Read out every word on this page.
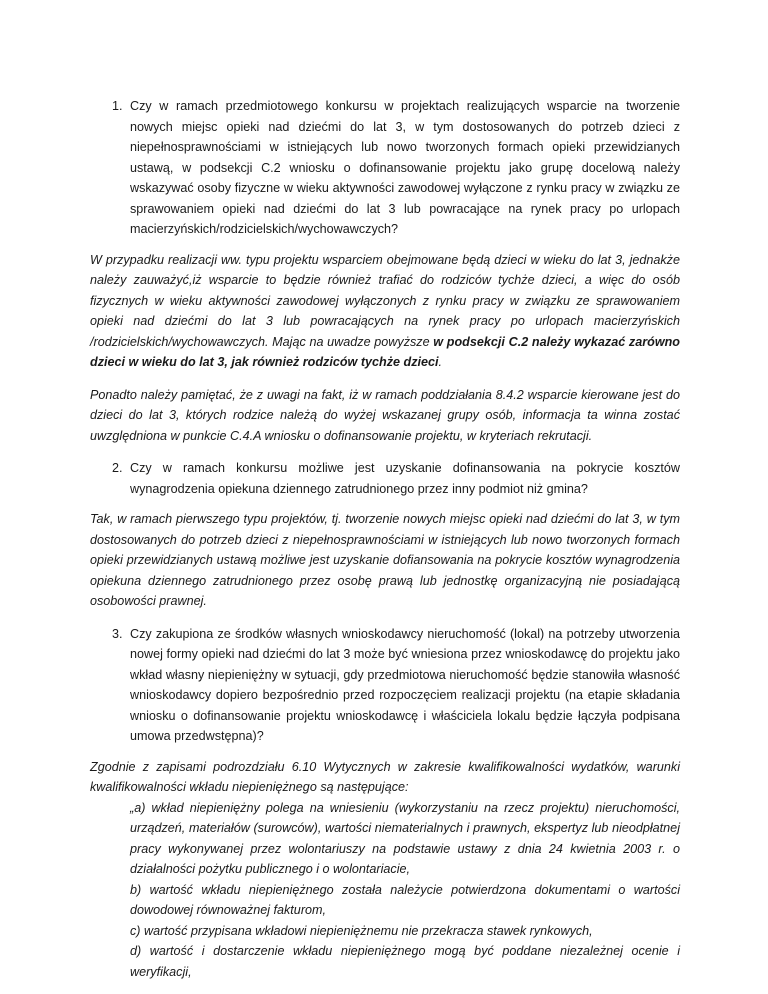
1. Czy w ramach przedmiotowego konkursu w projektach realizujących wsparcie na tworzenie nowych miejsc opieki nad dziećmi do lat 3, w tym dostosowanych do potrzeb dzieci z niepełnosprawnościami w istniejących lub nowo tworzonych formach opieki przewidzianych ustawą, w podsekcji C.2 wniosku o dofinansowanie projektu jako grupę docelową należy wskazywać osoby fizyczne w wieku aktywności zawodowej wyłączone z rynku pracy w związku ze sprawowaniem opieki nad dziećmi do lat 3 lub powracające na rynek pracy po urlopach macierzyńskich/rodzicielskich/wychowawczych?

W przypadku realizacji ww. typu projektu wsparciem obejmowane będą dzieci w wieku do lat 3, jednakże należy zauważyć,iż wsparcie to będzie również trafiać do rodziców tychże dzieci, a więc do osób fizycznych w wieku aktywności zawodowej wyłączonych z rynku pracy w związku ze sprawowaniem opieki nad dziećmi do lat 3 lub powracających na rynek pracy po urlopach macierzyńskich /rodzicielskich/wychowawczych. Mając na uwadze powyższe w podsekcji C.2 należy wykazać zarówno dzieci w wieku do lat 3, jak również rodziców tychże dzieci.

Ponadto należy pamiętać, że z uwagi na fakt, iż w ramach poddziałania 8.4.2 wsparcie kierowane jest do dzieci do lat 3, których rodzice należą do wyżej wskazanej grupy osób, informacja ta winna zostać uwzględniona w punkcie C.4.A wniosku o dofinansowanie projektu, w kryteriach rekrutacji.

2. Czy w ramach konkursu możliwe jest uzyskanie dofinansowania na pokrycie kosztów wynagrodzenia opiekuna dziennego zatrudnionego przez inny podmiot niż gmina?

Tak, w ramach pierwszego typu projektów, tj. tworzenie nowych miejsc opieki nad dziećmi do lat 3, w tym dostosowanych do potrzeb dzieci z niepełnosprawnościami w istniejących lub nowo tworzonych formach opieki przewidzianych ustawą możliwe jest uzyskanie dofiansowania na pokrycie kosztów wynagrodzenia opiekuna dziennego zatrudnionego przez osobę prawą lub jednostkę organizacyjną nie posiadającą osobowości prawnej.

3. Czy zakupiona ze środków własnych wnioskodawcy nieruchomość (lokal) na potrzeby utworzenia nowej formy opieki nad dziećmi do lat 3 może być wniesiona przez wnioskodawcę do projektu jako wkład własny niepieniężny w sytuacji, gdy przedmiotowa nieruchomość będzie stanowiła własność wnioskodawcy dopiero bezpośrednio przed rozpoczęciem realizacji projektu (na etapie składania wniosku o dofinansowanie projektu wnioskodawcę i właściciela lokalu będzie łączyła podpisana umowa przedwstępna)?

Zgodnie z zapisami podrozdziału 6.10 Wytycznych w zakresie kwalifikowalności wydatków, warunki kwalifikowalności wkładu niepieniężnego są następujące:

„a) wkład niepieniężny polega na wniesieniu (wykorzystaniu na rzecz projektu) nieruchomości, urządzeń, materiałów (surowców), wartości niematerialnych i prawnych, ekspertyz lub nieodpłatnej pracy wykonywanej przez wolontariuszy na podstawie ustawy z dnia 24 kwietnia 2003 r. o działalności pożytku publicznego i o wolontariacie,

b) wartość wkładu niepieniężnego została należycie potwierdzona dokumentami o wartości dowodowej równoważnej fakturom,

c) wartość przypisana wkładowi niepieniężnemu nie przekracza stawek rynkowych,

d) wartość i dostarczenie wkładu niepieniężnego mogą być poddane niezależnej ocenie i weryfikacji,
